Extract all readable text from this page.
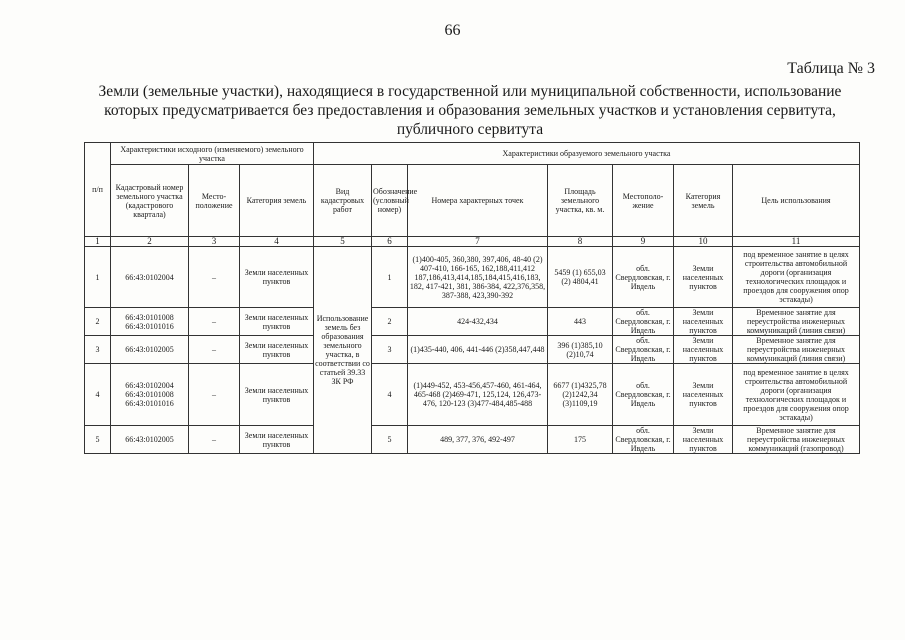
66
Таблица № 3
Земли (земельные участки), находящиеся в государственной или муниципальной собственности, использование которых предусматривается без предоставления и образования земельных участков и установления сервитута, публичного сервитута
п/п	Характеристики исходного (изменяемого) земельного участка			Характеристики образуемого земельного участка						
	Кадастровый номер земельного участка (кадастрового квартала)	Место-положение	Категория земель	Вид кадастровых работ	Обозначение (условный номер)	Номера характерных точек	Площадь земельного участка, кв. м.	Местополо-жение	Категория земель	Цель использования
1	2	3	4	5	6	7	8	9	10	11
1	66:43:0102004	–	Земли населенных пунктов	Использование земель без образования земельного участка, в соответствии со статьей 39.33 ЗК РФ	1	(1)400-405, 360,380, 397,406, 48-40 (2) 407-410, 166-165, 162,188,411,412 187,186,413,414,185,184,415,416,183, 182, 417-421, 381, 386-384, 422,376,358, 387-388, 423,390-392	5459 (1) 655,03 (2) 4804,41	обл. Свердловская, г. Ивдель	Земли населенных пунктов	под временное занятие в целях строительства автомобильной дороги (организация технологических площадок и проездов для сооружения опор эстакады)
2	66:43:0101008 66:43:0101016	–	Земли населенных пунктов		2	424-432,434	443	обл. Свердловская, г. Ивдель	Земли населенных пунктов	Временное занятие для переустройства инженерных коммуникаций (линия связи)
3	66:43:0102005	–	Земли населенных пунктов		3	(1)435-440, 406, 441-446 (2)358,447,448	396 (1)385,10 (2)10,74	обл. Свердловская, г. Ивдель	Земли населенных пунктов	Временное занятие для переустройства инженерных коммуникаций (линия связи)
4	66:43:0102004 66:43:0101008 66:43:0101016	–	Земли населенных пунктов		4	(1)449-452, 453-456,457-460, 461-464, 465-468 (2)469-471, 125,124, 126,473-476, 120-123 (3)477-484,485-488	6677 (1)4325,78 (2)1242,34 (3)1109,19	обл. Свердловская, г. Ивдель	Земли населенных пунктов	под временное занятие в целях строительства автомобильной дороги (организация технологических площадок и проездов для сооружения опор эстакады)
5	66:43:0102005	–	Земли населенных пунктов		5	489, 377, 376, 492-497	175	обл. Свердловская, г. Ивдель	Земли населенных пунктов	Временное занятие для переустройства инженерных коммуникаций (газопровод)
